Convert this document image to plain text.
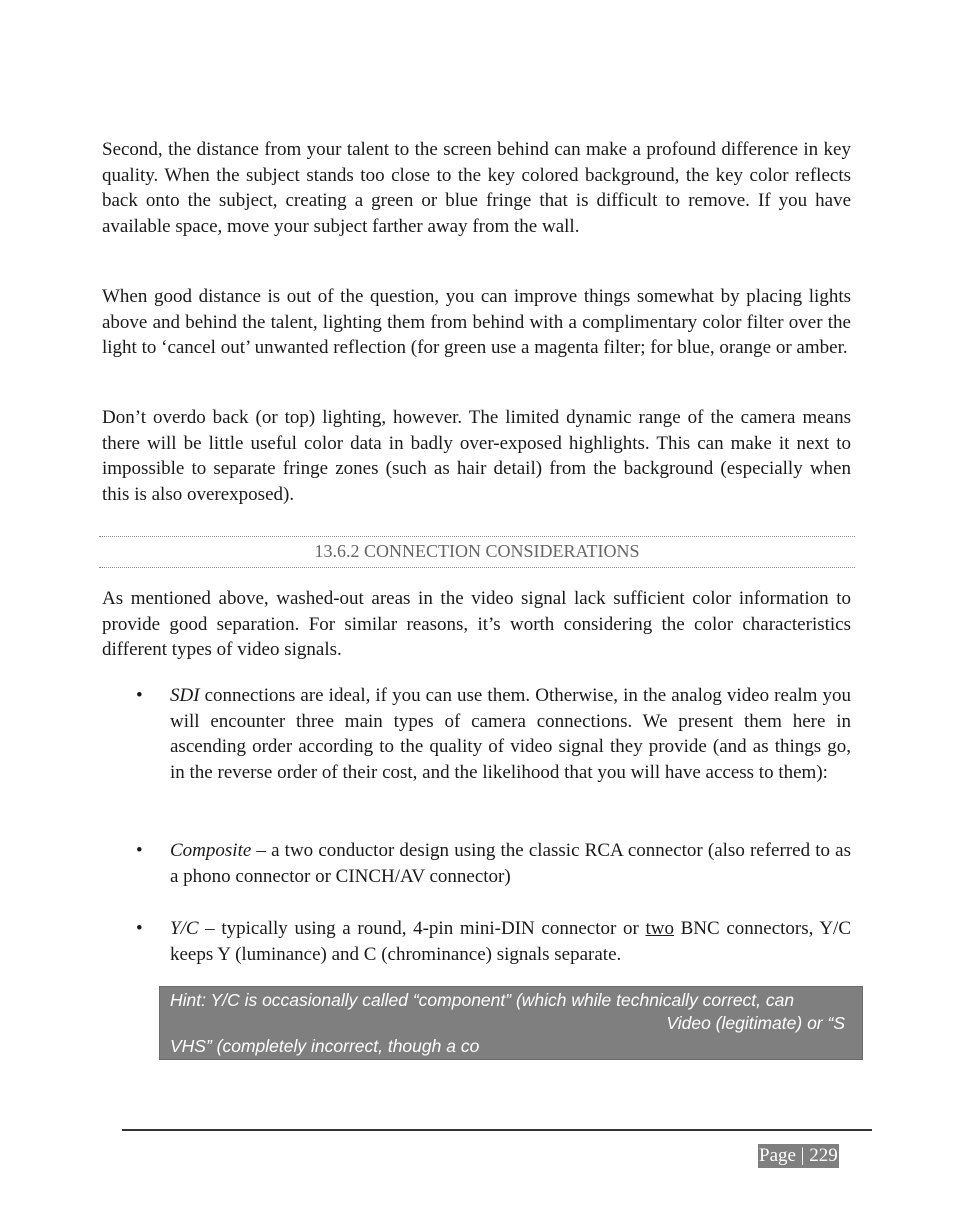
Second, the distance from your talent to the screen behind can make a profound difference in key quality. When the subject stands too close to the key colored background, the key color reflects back onto the subject, creating a green or blue fringe that is difficult to remove. If you have available space, move your subject farther away from the wall.

When good distance is out of the question, you can improve things somewhat by placing lights above and behind the talent, lighting them from behind with a complimentary color filter over the light to ‘cancel out’ unwanted reflection (for green use a magenta filter; for blue, orange or amber.

Don’t overdo back (or top) lighting, however. The limited dynamic range of the camera means there will be little useful color data in badly over-exposed highlights. This can make it next to impossible to separate fringe zones (such as hair detail) from the background (especially when this is also overexposed).

13.6.2 CONNECTION CONSIDERATIONS

As mentioned above, washed-out areas in the video signal lack sufficient color information to provide good separation. For similar reasons, it’s worth considering the color characteristics different types of video signals.

• SDI connections are ideal, if you can use them. Otherwise, in the analog video realm you will encounter three main types of camera connections. We present them here in ascending order according to the quality of video signal they provide (and as things go, in the reverse order of their cost, and the likelihood that you will have access to them):

• Composite – a two conductor design using the classic RCA connector (also referred to as a phono connector or CINCH/AV connector)

• Y/C – typically using a round, 4-pin mini-DIN connector or two BNC connectors, Y/C keeps Y (luminance) and C (chrominance) signals separate.

Hint: Y/C is occasionally called “component” (which while technically correct, can
Video (legitimate) or “S
VHS” (completely incorrect, though a co
Page | 229
